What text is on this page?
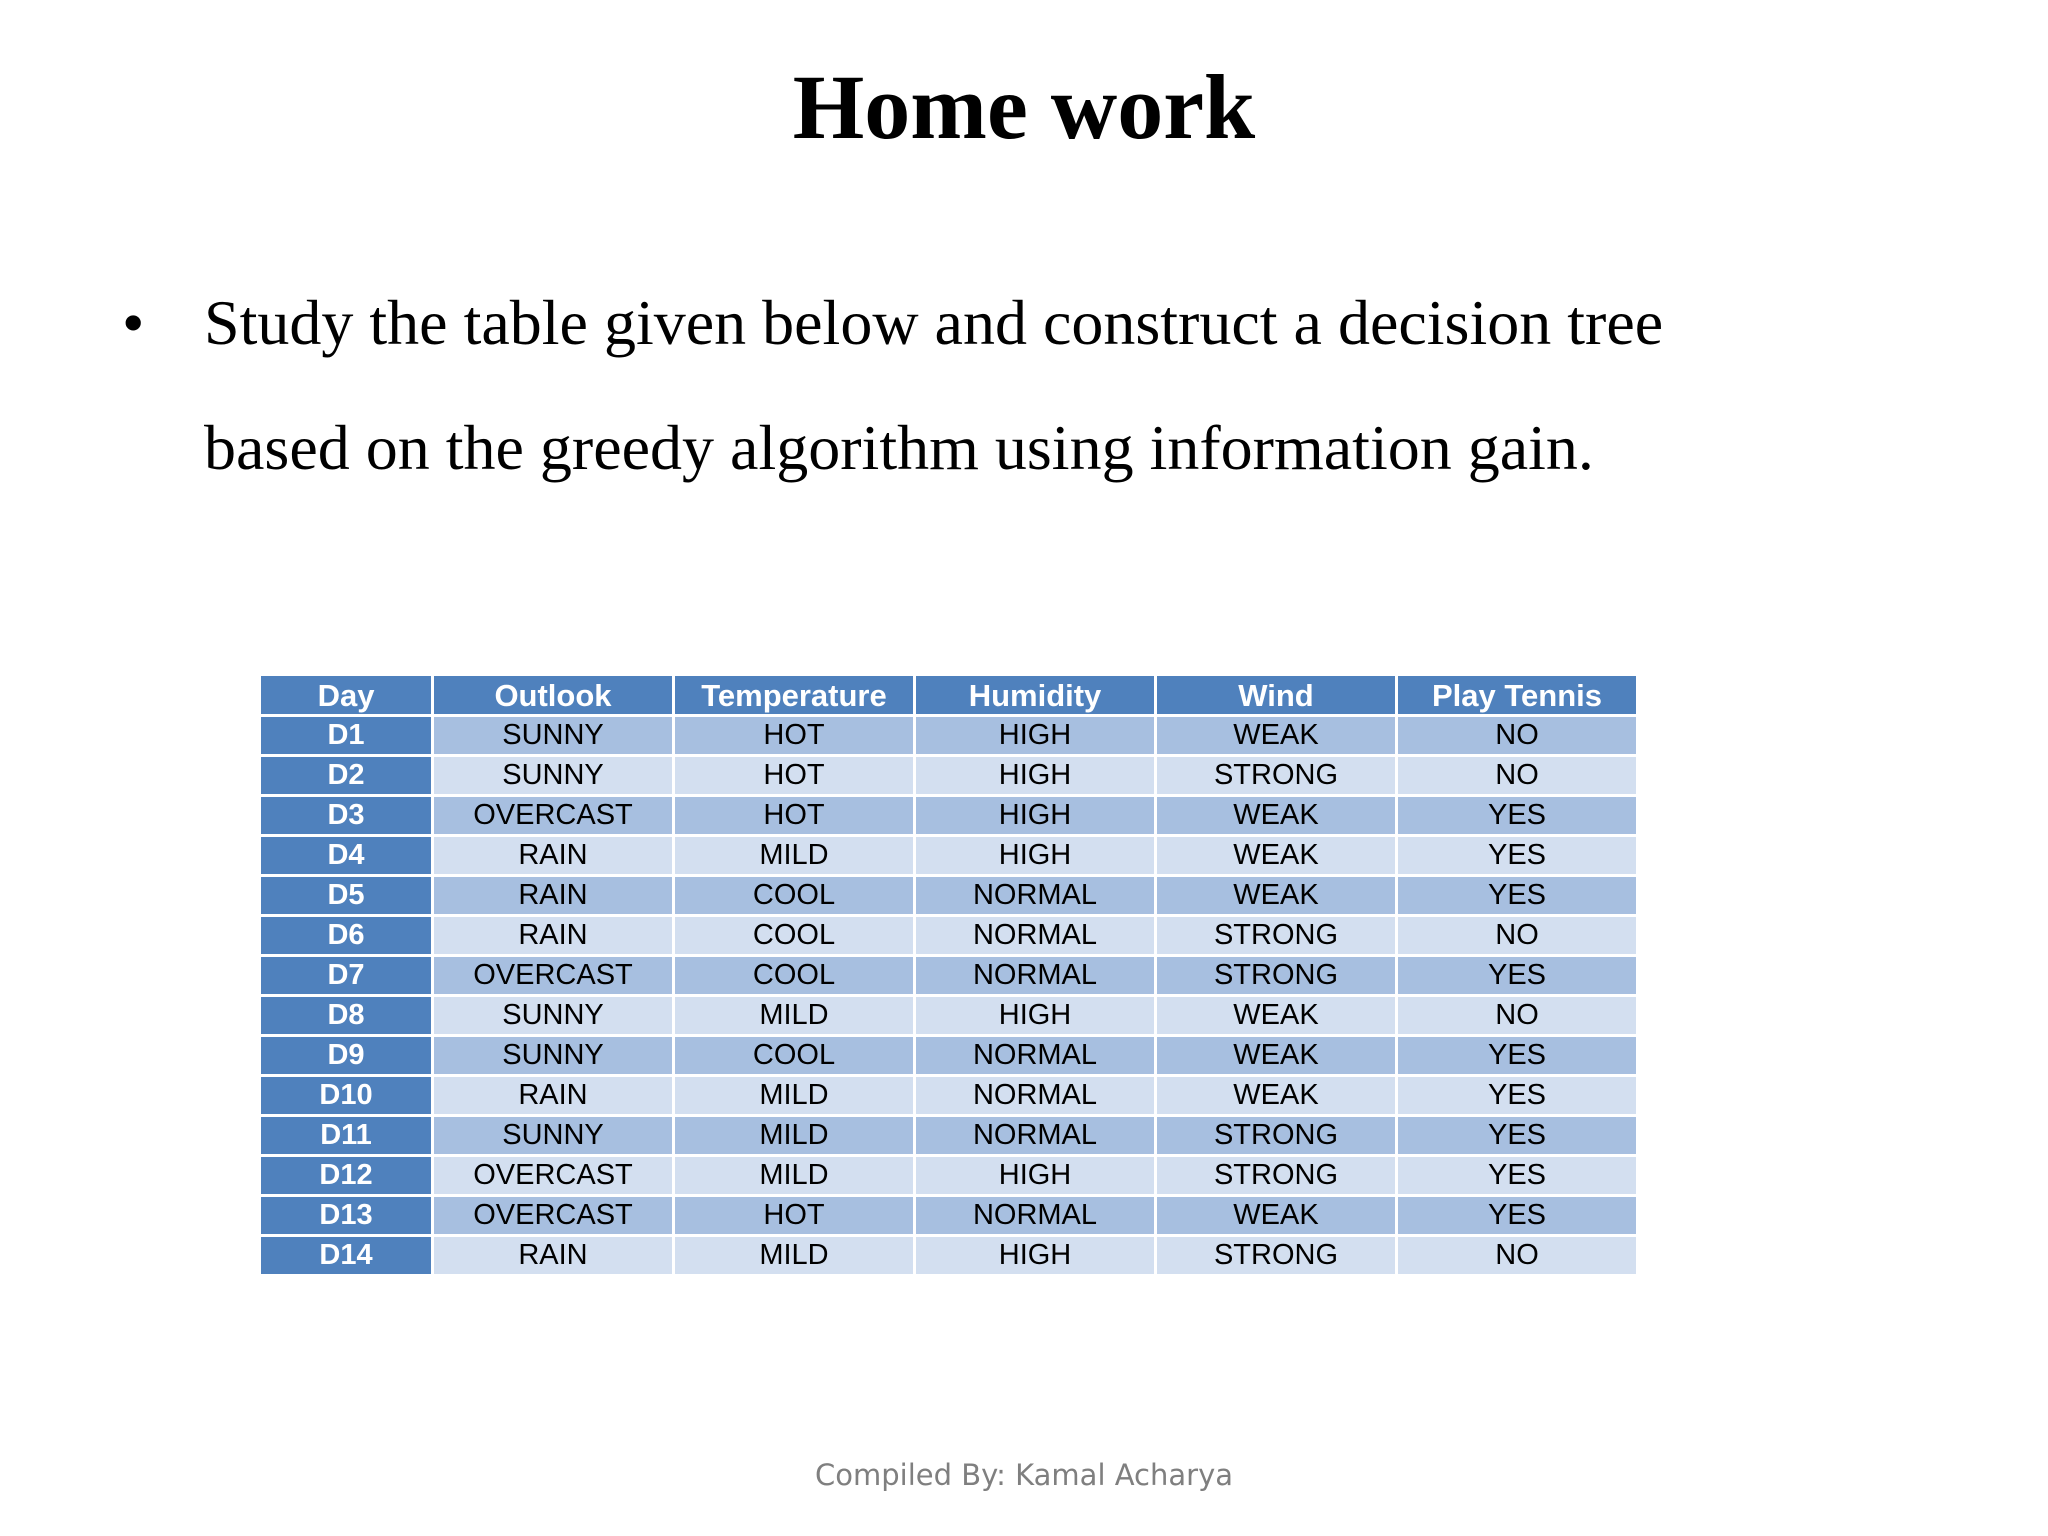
Home work
• Study the table given below and construct a decision tree
based on the greedy algorithm using information gain.
Day	Outlook	Temperature	Humidity	Wind	Play Tennis
D1	SUNNY	HOT	HIGH	WEAK	NO
D2	SUNNY	HOT	HIGH	STRONG	NO
D3	OVERCAST	HOT	HIGH	WEAK	YES
D4	RAIN	MILD	HIGH	WEAK	YES
D5	RAIN	COOL	NORMAL	WEAK	YES
D6	RAIN	COOL	NORMAL	STRONG	NO
D7	OVERCAST	COOL	NORMAL	STRONG	YES
D8	SUNNY	MILD	HIGH	WEAK	NO
D9	SUNNY	COOL	NORMAL	WEAK	YES
D10	RAIN	MILD	NORMAL	WEAK	YES
D11	SUNNY	MILD	NORMAL	STRONG	YES
D12	OVERCAST	MILD	HIGH	STRONG	YES
D13	OVERCAST	HOT	NORMAL	WEAK	YES
D14	RAIN	MILD	HIGH	STRONG	NO
Compiled By: Kamal Acharya
